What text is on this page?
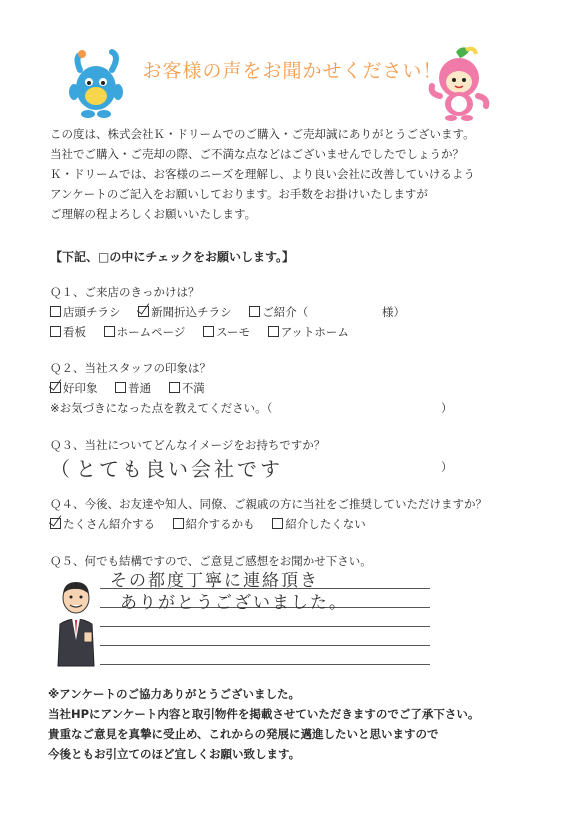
お客様の声をお聞かせください！
この度は、株式会社Ｋ・ドリームでのご購入・ご売却誠にありがとうございます。
当社でご購入・ご売却の際、ご不満な点などはございませんでしたでしょうか？
Ｋ・ドリームでは、お客様のニーズを理解し、より良い会社に改善していけるよう
アンケートのご記入をお願いしております。お手数をお掛けいたしますが
ご理解の程よろしくお願いいたします。
【下記、□の中にチェックをお願いします。】
Ｑ１、ご来店のきっかけは？
店頭チラシ	新聞折込チラシ	ご紹介（	様）
看板	ホームページ	スーモ	アットホーム
Ｑ２、当社スタッフの印象は？
好印象	普通	不満
※お気づきになった点を教えてください。（	）
Ｑ３、当社についてどんなイメージをお持ちですか？
（ とても良い会社です	）
Ｑ４、今後、お友達や知人、同僚、ご親戚の方に当社をご推奨していただけますか？
たくさん紹介する	紹介するかも	紹介したくない
Ｑ５、何でも結構ですので、ご意見ご感想をお聞かせ下さい。
その都度丁寧に連絡頂き
ありがとうございました。
※アンケートのご協力ありがとうございました。
当社HPにアンケート内容と取引物件を掲載させていただきますのでご了承下さい。
貴重なご意見を真摯に受止め、これからの発展に邁進したいと思いますので
今後ともお引立てのほど宜しくお願い致します。
